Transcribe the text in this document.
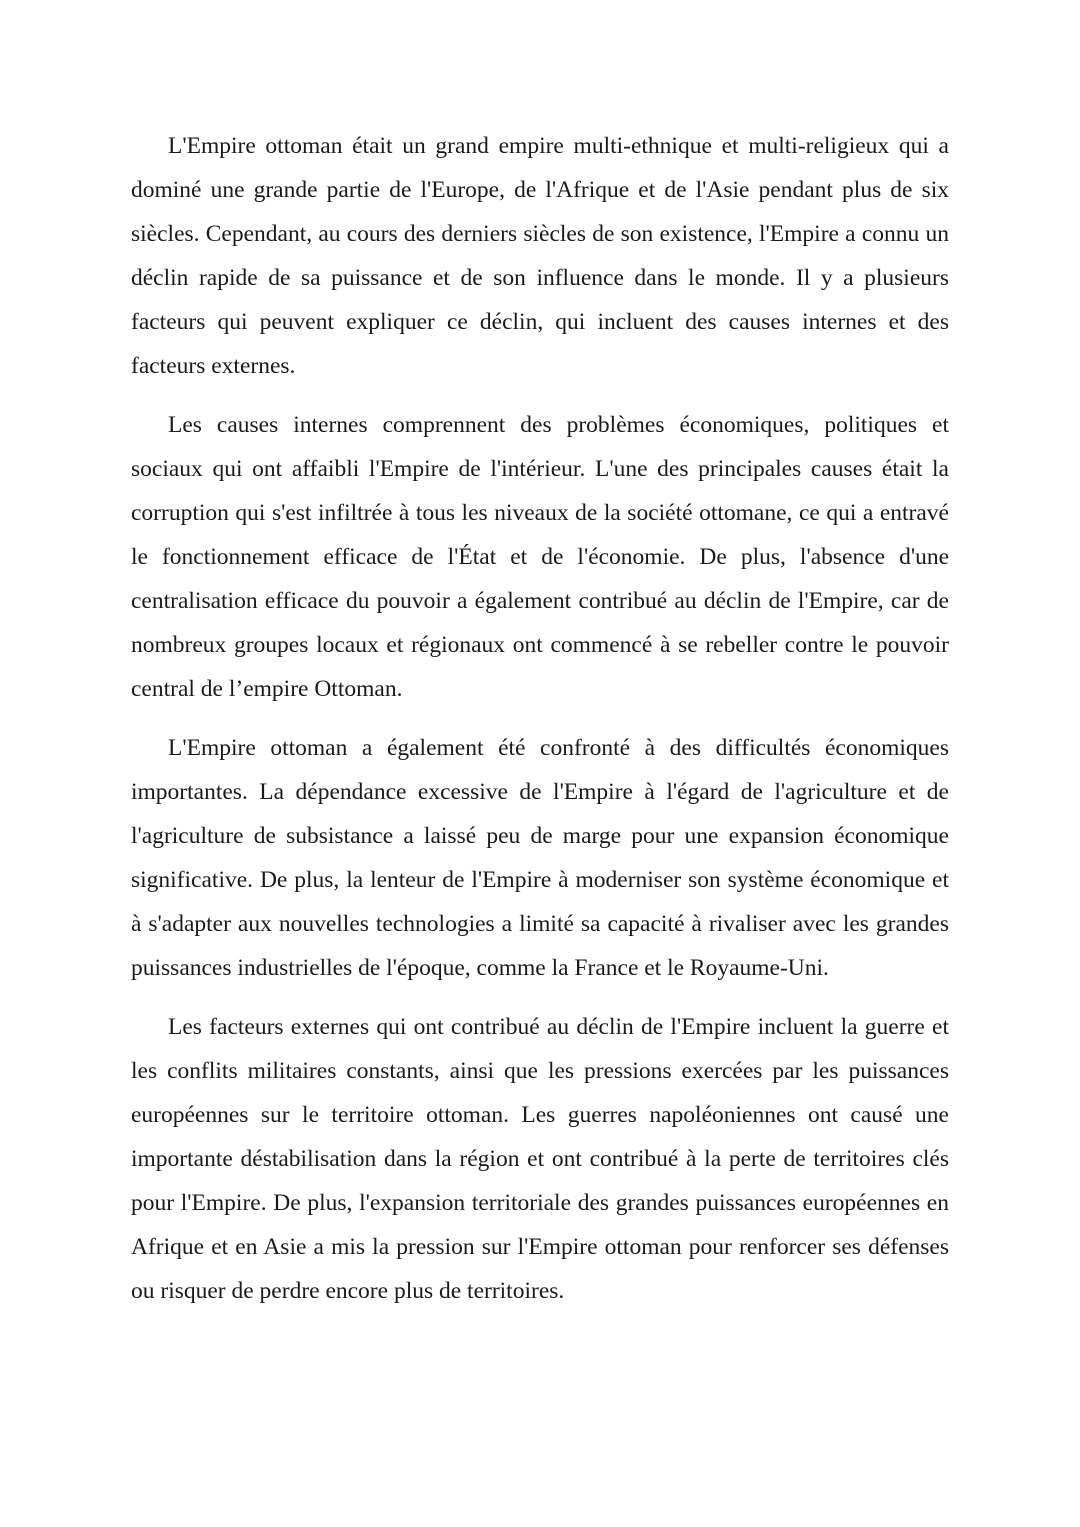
L'Empire ottoman était un grand empire multi-ethnique et multi-religieux qui a dominé une grande partie de l'Europe, de l'Afrique et de l'Asie pendant plus de six siècles. Cependant, au cours des derniers siècles de son existence, l'Empire a connu un déclin rapide de sa puissance et de son influence dans le monde. Il y a plusieurs facteurs qui peuvent expliquer ce déclin, qui incluent des causes internes et des facteurs externes.

Les causes internes comprennent des problèmes économiques, politiques et sociaux qui ont affaibli l'Empire de l'intérieur. L'une des principales causes était la corruption qui s'est infiltrée à tous les niveaux de la société ottomane, ce qui a entravé le fonctionnement efficace de l'État et de l'économie. De plus, l'absence d'une centralisation efficace du pouvoir a également contribué au déclin de l'Empire, car de nombreux groupes locaux et régionaux ont commencé à se rebeller contre le pouvoir central de l’empire Ottoman.

L'Empire ottoman a également été confronté à des difficultés économiques importantes. La dépendance excessive de l'Empire à l'égard de l'agriculture et de l'agriculture de subsistance a laissé peu de marge pour une expansion économique significative. De plus, la lenteur de l'Empire à moderniser son système économique et à s'adapter aux nouvelles technologies a limité sa capacité à rivaliser avec les grandes puissances industrielles de l'époque, comme la France et le Royaume-Uni.

Les facteurs externes qui ont contribué au déclin de l'Empire incluent la guerre et les conflits militaires constants, ainsi que les pressions exercées par les puissances européennes sur le territoire ottoman. Les guerres napoléoniennes ont causé une importante déstabilisation dans la région et ont contribué à la perte de territoires clés pour l'Empire. De plus, l'expansion territoriale des grandes puissances européennes en Afrique et en Asie a mis la pression sur l'Empire ottoman pour renforcer ses défenses ou risquer de perdre encore plus de territoires.
